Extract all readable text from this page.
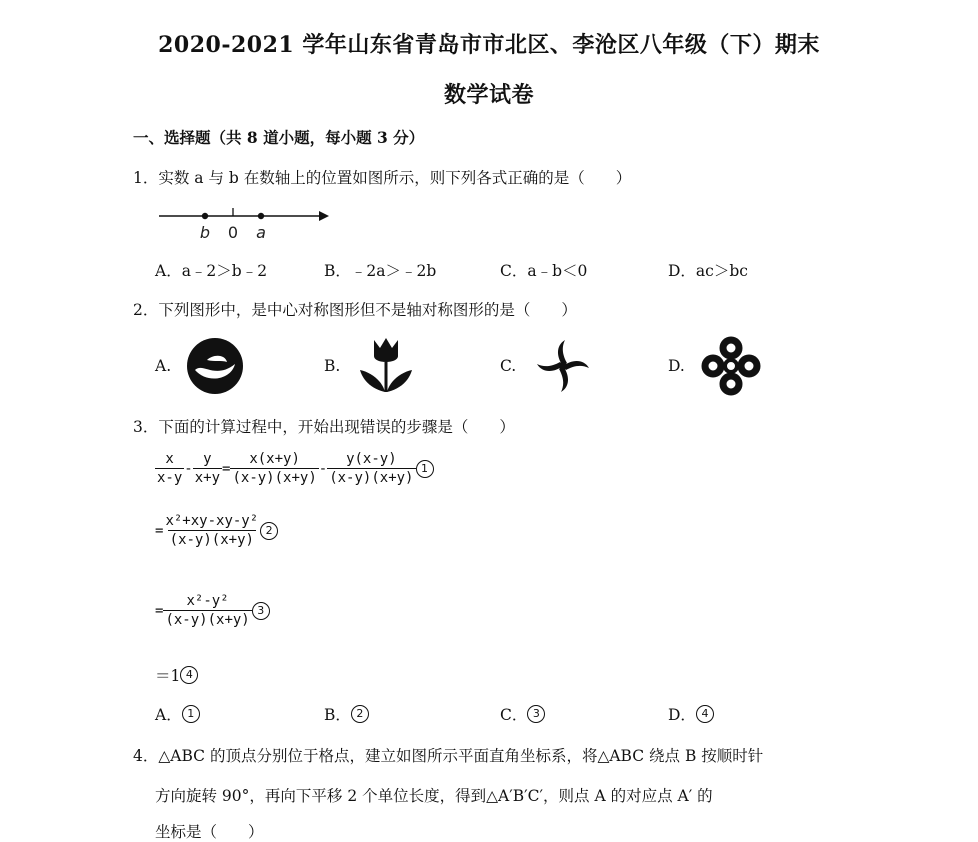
2020-2021 学年山东省青岛市市北区、李沧区八年级（下）期末
数学试卷
一、选择题（共 8 道小题，每小题 3 分）
1．实数 a 与 b 在数轴上的位置如图所示，则下列各式正确的是（　　）
b 0 a
A．a﹣2＞b﹣2	B．﹣2a＞﹣2b	C．a﹣b＜0	D．ac＞bc
2．下列图形中，是中心对称图形但不是轴对称图形的是（　　）
A.	B.	C.	D.
3．下面的计算过程中，开始出现错误的步骤是（　　）
$\frac{x}{x-y} - \frac{y}{x+y} = \frac{x(x+y)}{(x-y)(x+y)} - \frac{y(x-y)}{(x-y)(x+y)} 1$
= $\frac{\text{x²+xy-xy-y²}}{(x-y)(x+y)} 2$
= $\frac{\text{x²-y²}}{(x-y)(x+y)} 3$
＝1 4
A． 1	B． 2	C． 3	D． 4
4．△ABC 的顶点分别位于格点，建立如图所示平面直角坐标系，将△ABC 绕点 B 按顺时针
方向旋转 90°，再向下平移 2 个单位长度，得到△A′B′C′，则点 A 的对应点 A′ 的
坐标是（　　）
